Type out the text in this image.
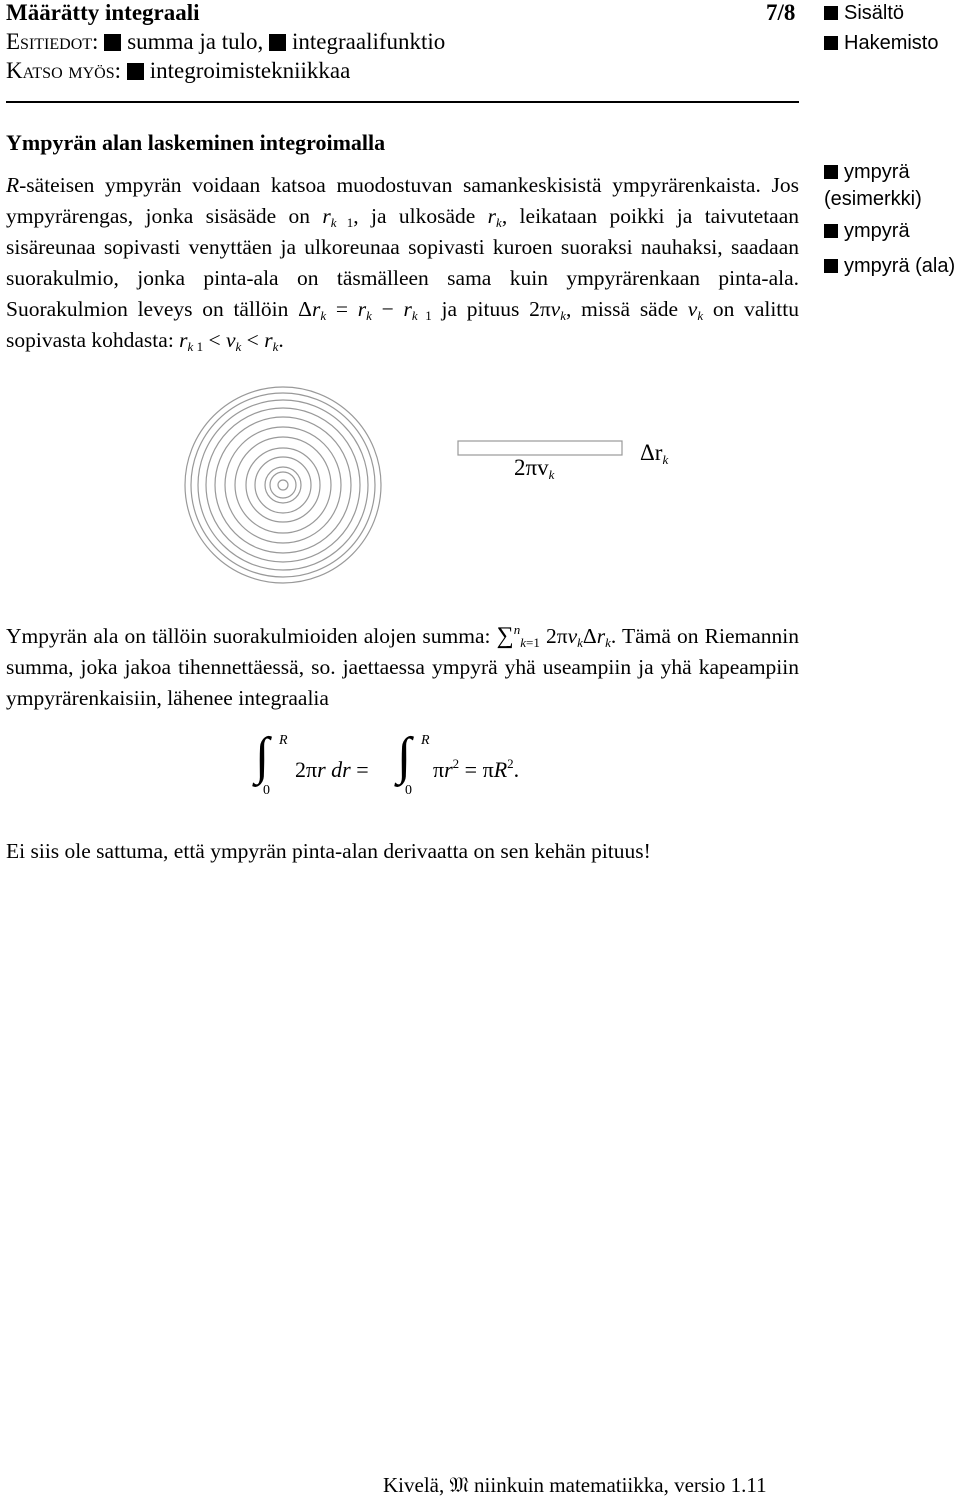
Määrätty integraali	7/8
Esitiedot: summa ja tulo, integraalifunktio
Katso myös: integroimistekniikkaa
Sisältö
Hakemisto
ympyrä
(esimerkki)
ympyrä
ympyrä (ala)
Ympyrän alan laskeminen integroimalla
R-säteisen ympyrän voidaan katsoa muodostuvan samankeskisistä ympyrärenkaista. Jos ympyrärengas, jonka sisäsäde on $r_{k 1}$, ja ulkosäde $r_k$, leikataan poikki ja taivutetaan sisäreunaa sopivasti venyttäen ja ulkoreunaa sopivasti kuroen suoraksi nauhaksi, saadaan suorakulmio, jonka pinta-ala on täsmälleen sama kuin ympyrärenkaan pinta-ala. Suorakulmion leveys on tällöin $\Delta r_k = r_k - r_{k 1}$ ja pituus $2\pi v_k$, missä säde $v_k$ on valittu sopivasta kohdasta: $r_{k 1} < v_k < r_k$.
$2\pi v_k$
$\Delta r_k$
Ympyrän ala on tällöin suorakulmioiden alojen summa: ∑$^n_{k=1}$ $2\pi v_k\Delta r_k$. Tämä on Riemannin summa, joka jakoa tihennettäessä, so. jaettaessa ympyrä yhä useampiin ja yhä kapeampiin ympyrärenkaisiin, lähenee integraalia
∫ R
0
2πr dr = ∫ R
0
$\pi r^2 = \pi R^2$.
Ei siis ole sattuma, että ympyrän pinta-alan derivaatta on sen kehän pituus!
Kivelä, 𝔐 niinkuin matematiikka, versio 1.11
